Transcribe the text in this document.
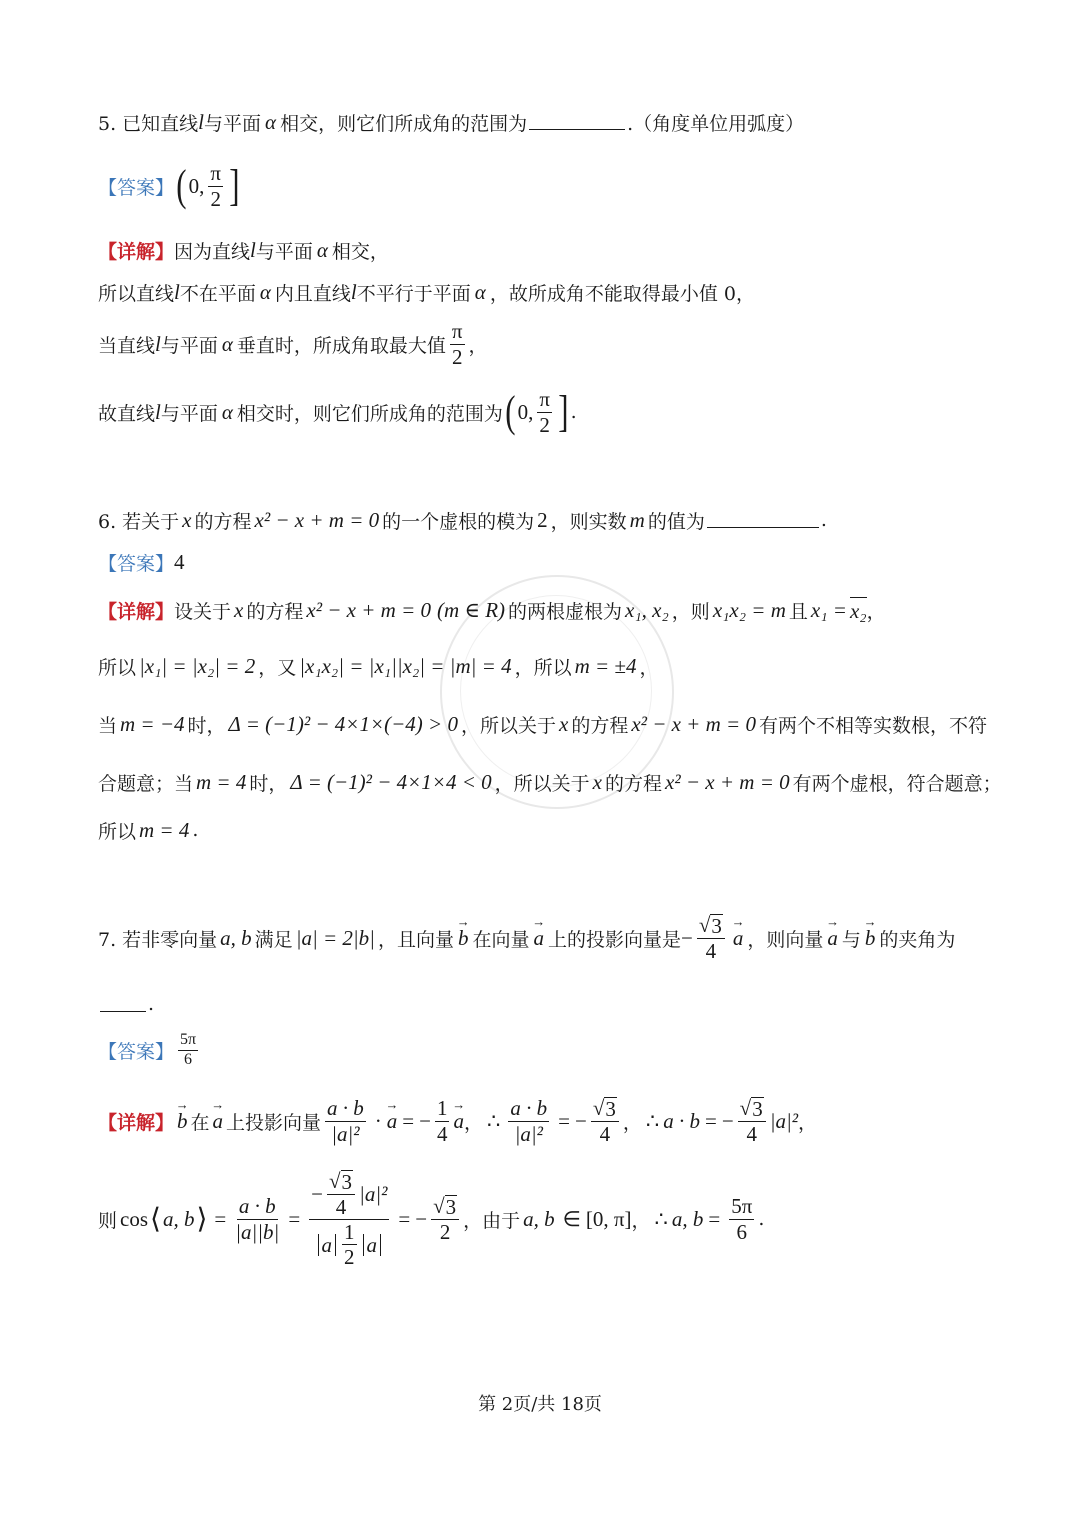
5. 已知直线 l 与平面 α 相交，则它们所成角的范围为	.（角度单位用弧度）
【答案】 ( 0, $\frac{\pi}{2}$ ]
【详解】 因为直线 l 与平面 α 相交，
所以直线 l 不在平面 α 内且直线 l 不平行于平面 α ，故所成角不能取得最小值 0，
当直线 l 与平面 α 垂直时，所成角取最大值 $\frac{\pi}{2}$ ，
故直线 l 与平面 α 相交时，则它们所成角的范围为 ( 0, $\frac{\pi}{2}$ ] .
6. 若关于 x 的方程 x² − x + m = 0 的一个虚根的模为 2 ，则实数 m 的值为	.
【答案】 4
【详解】 设关于 x 的方程 x² − x + m = 0 (m ∈ R) 的两根虚根为 x₁, x₂ ，则 x₁x₂ = m 且 x₁ = x₂ ，
所以 |x₁| = |x₂| = 2 ，又 |x₁x₂| = |x₁||x₂| = |m| = 4 ，所以 m = ±4 ，
当 m = −4 时， Δ = (−1)² − 4×1×(−4) > 0 ，所以关于 x 的方程 x² − x + m = 0 有两个不相等实数根，不符
合题意；当 m = 4 时， Δ = (−1)² − 4×1×4 < 0 ，所以关于 x 的方程 x² − x + m = 0 有两个虚根，符合题意；
所以 m = 4 .
7. 若非零向量 a, b 满足 |a| = 2|b| ，且向量
→ b 在向量
→ a 上的投影向量是 − $\frac{√ 3}{4}$
→ a ，则向量
→ a 与
→ b 的夹角为
.
【答案】 $\frac{5\pi}{6}$
【详解】
→ b 在
→ a 上投影向量 $\frac{a \cdot b}{\text{|a|²}}$ ·
→ a = − $\frac{1}{4}$
→ a ， ∴ $\frac{a \cdot b}{\text{|a|²}}$ = − $\frac{√ 3}{4}$ ， ∴ a · b = − $\frac{√ 3}{4} |a|^2$ ，
则 cos ⟨ a, b ⟩ = $\frac{a \cdot b}{|a||b|} = \frac{- \frac{√ 3}{4} |a|^2}{a \frac{1}{2} a}$ = − $\frac{√ 3}{2}$ ，由于 a, b ∈ [0, π] ， ∴ a, $b = \frac{5\pi}{6}$ .
第 2页/共 18页
